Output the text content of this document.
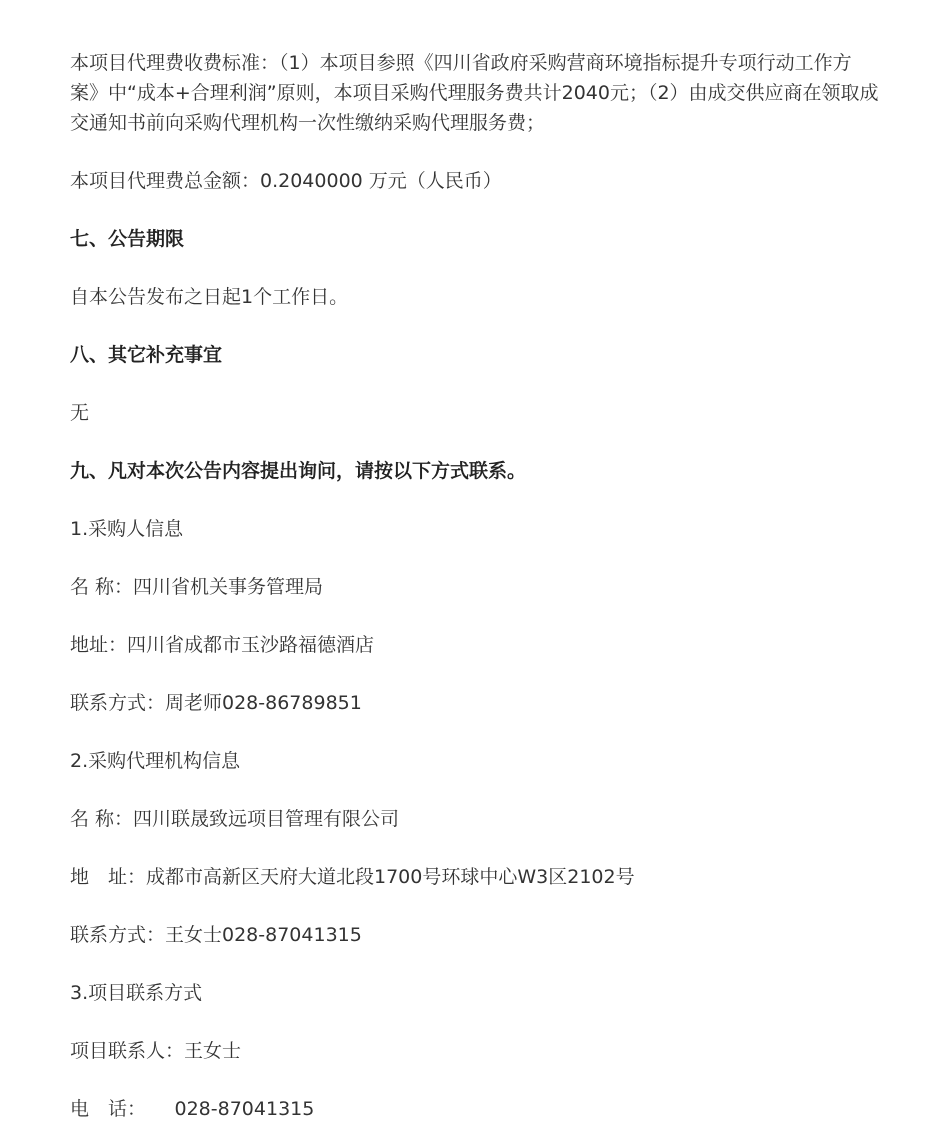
本项目代理费收费标准：（1）本项目参照《四川省政府采购营商环境指标提升专项行动工作方案》中“成本+合理利润”原则，本项目采购代理服务费共计2040元；（2）由成交供应商在领取成交通知书前向采购代理机构一次性缴纳采购代理服务费；

本项目代理费总金额：0.2040000 万元（人民币）

七、公告期限

自本公告发布之日起1个工作日。

八、其它补充事宜

无

九、凡对本次公告内容提出询问，请按以下方式联系。

1.采购人信息

名 称：四川省机关事务管理局

地址：四川省成都市玉沙路福德酒店

联系方式：周老师028-86789851

2.采购代理机构信息

名 称：四川联晟致远项目管理有限公司

地　址：成都市高新区天府大道北段1700号环球中心W3区2102号

联系方式：王女士028-87041315

3.项目联系方式

项目联系人：王女士

电　话：　　028-87041315
